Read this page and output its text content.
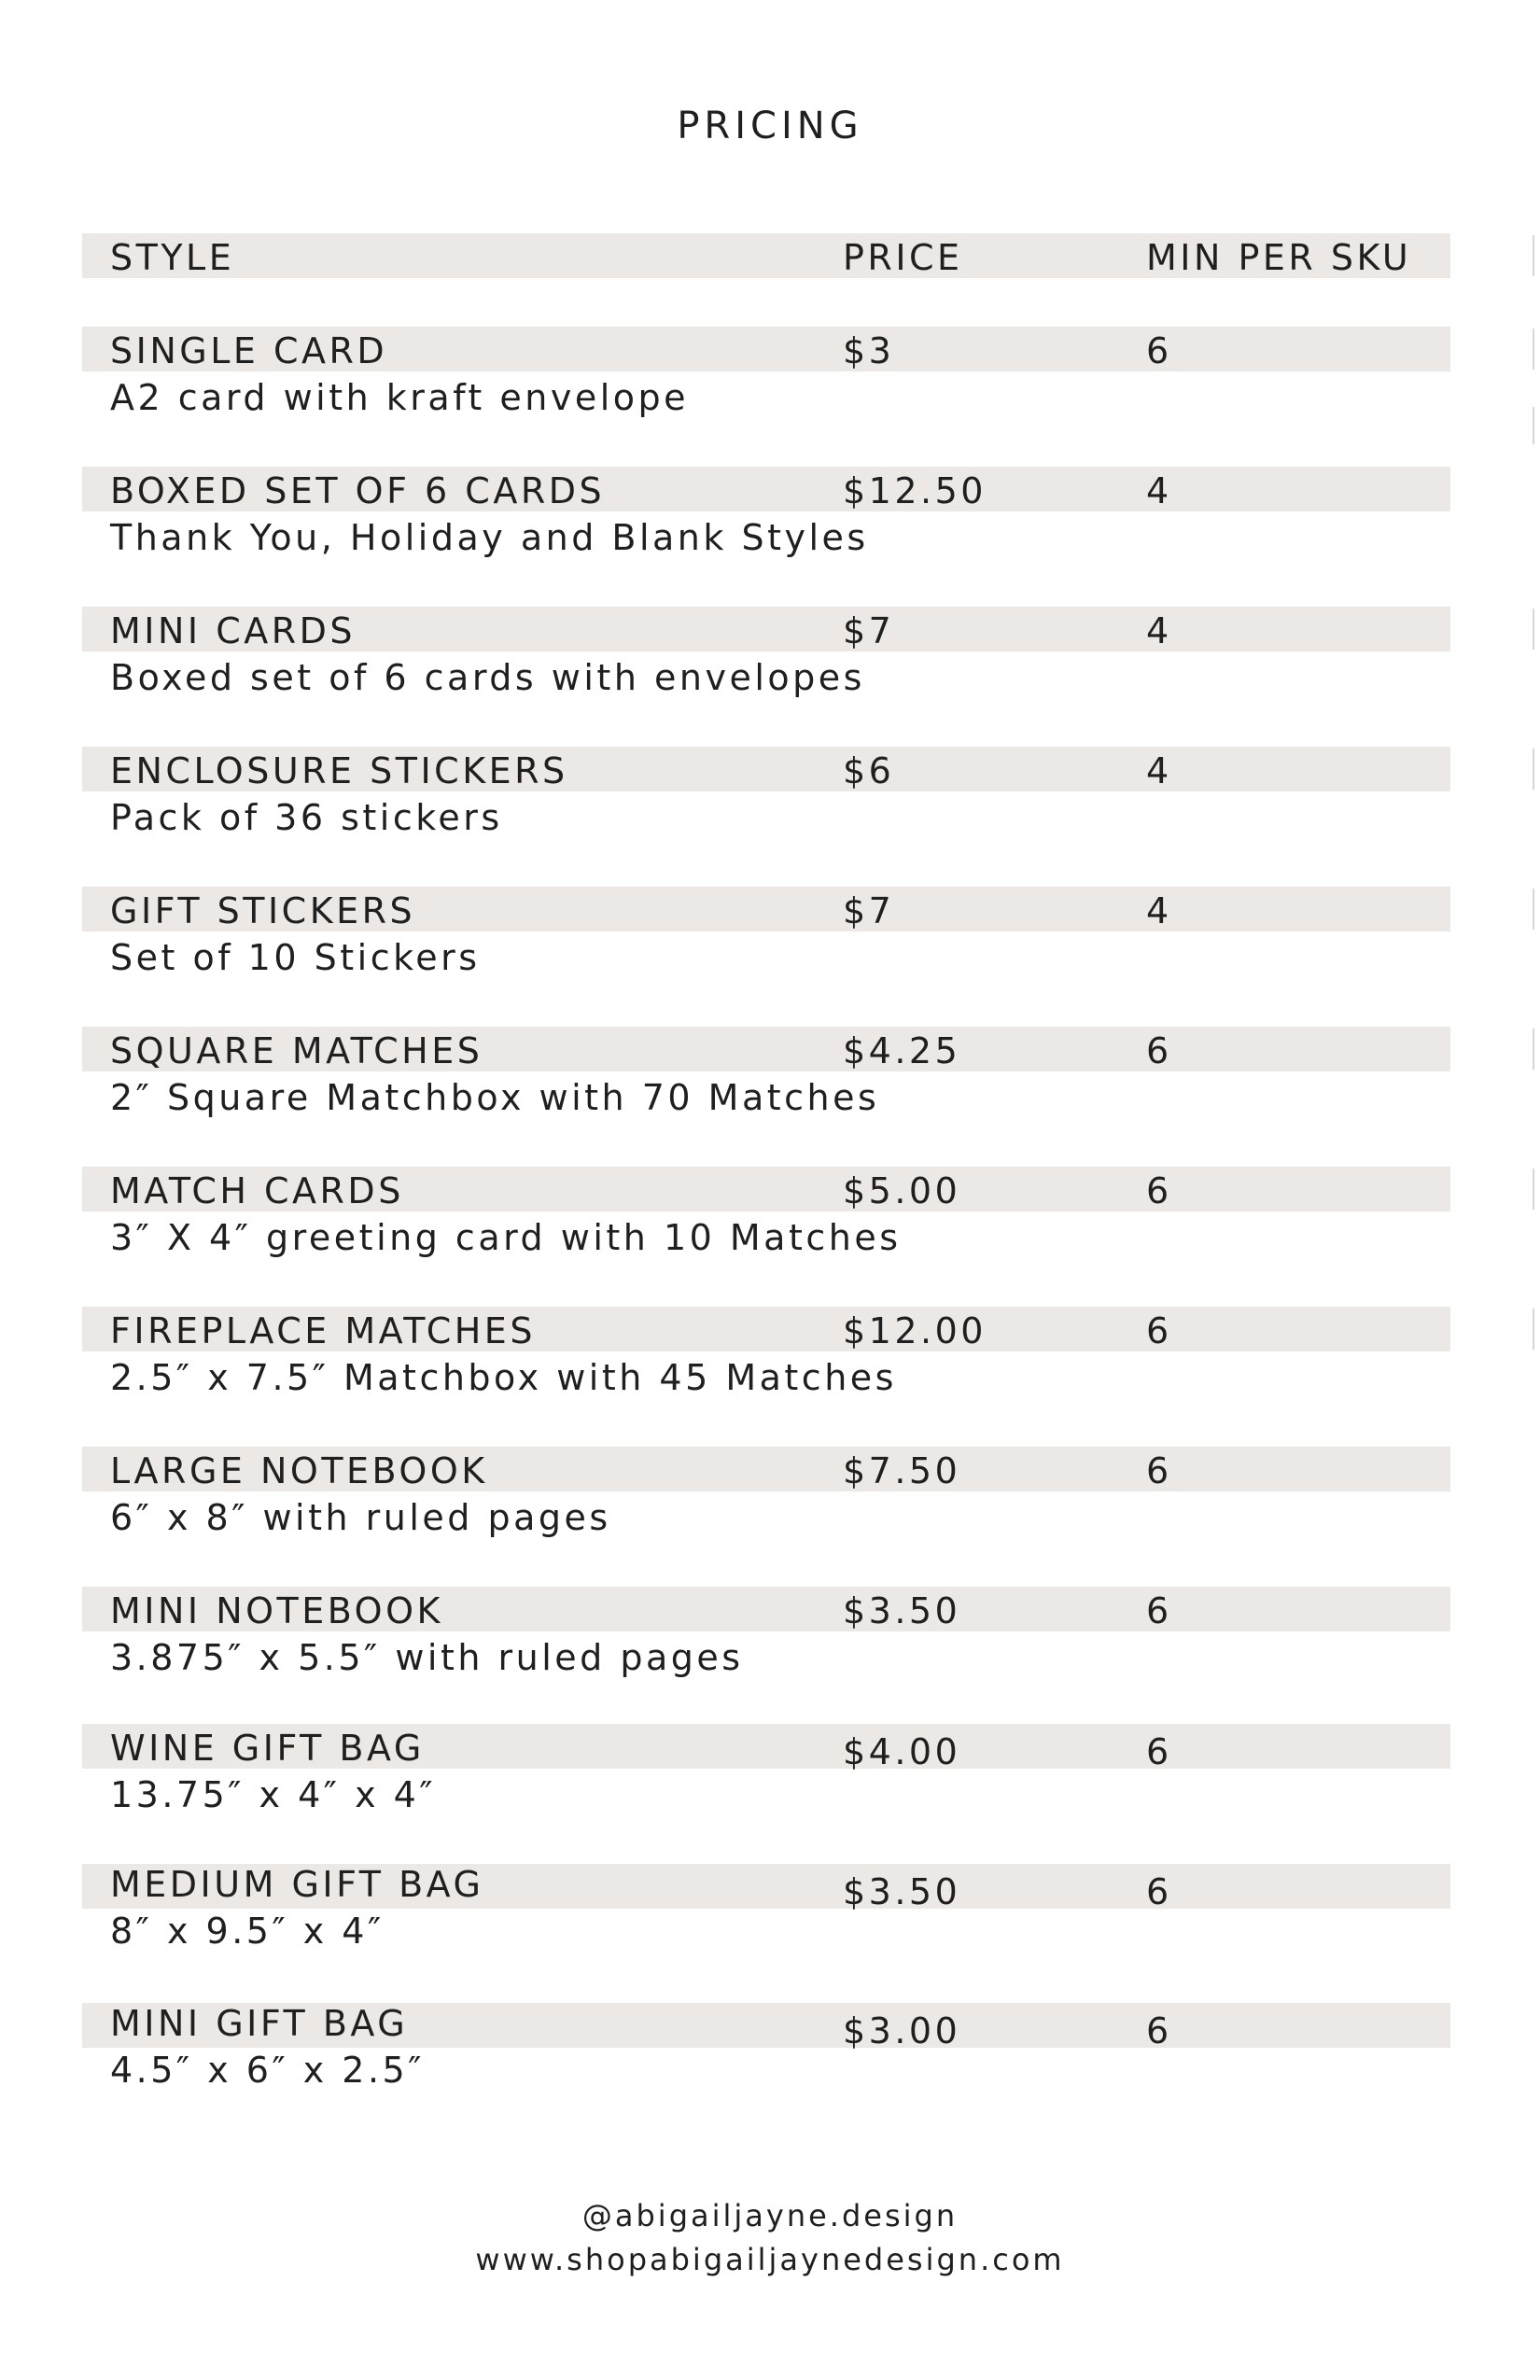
PRICING
STYLE	PRICE	MIN PER SKU
SINGLE CARD	$3	6
A2 card with kraft envelope
BOXED SET OF 6 CARDS	$12.50	4
Thank You, Holiday and Blank Styles
MINI CARDS	$7	4
Boxed set of 6 cards with envelopes
ENCLOSURE STICKERS	$6	4
Pack of 36 stickers
GIFT STICKERS	$7	4
Set of 10 Stickers
SQUARE MATCHES	$4.25	6
2″ Square Matchbox with 70 Matches
MATCH CARDS	$5.00	6
3″ X 4″ greeting card with 10 Matches
FIREPLACE MATCHES	$12.00	6
2.5″ x 7.5″ Matchbox with 45 Matches
LARGE NOTEBOOK	$7.50	6
6″ x 8″ with ruled pages
MINI NOTEBOOK	$3.50	6
3.875″ x 5.5″ with ruled pages
WINE GIFT BAG	$4.00	6
13.75″ x 4″ x 4″
MEDIUM GIFT BAG	$3.50	6
8″ x 9.5″ x 4″
MINI GIFT BAG	$3.00	6
4.5″ x 6″ x 2.5″
@abigailjayne.design
www.shopabigailjaynedesign.com
